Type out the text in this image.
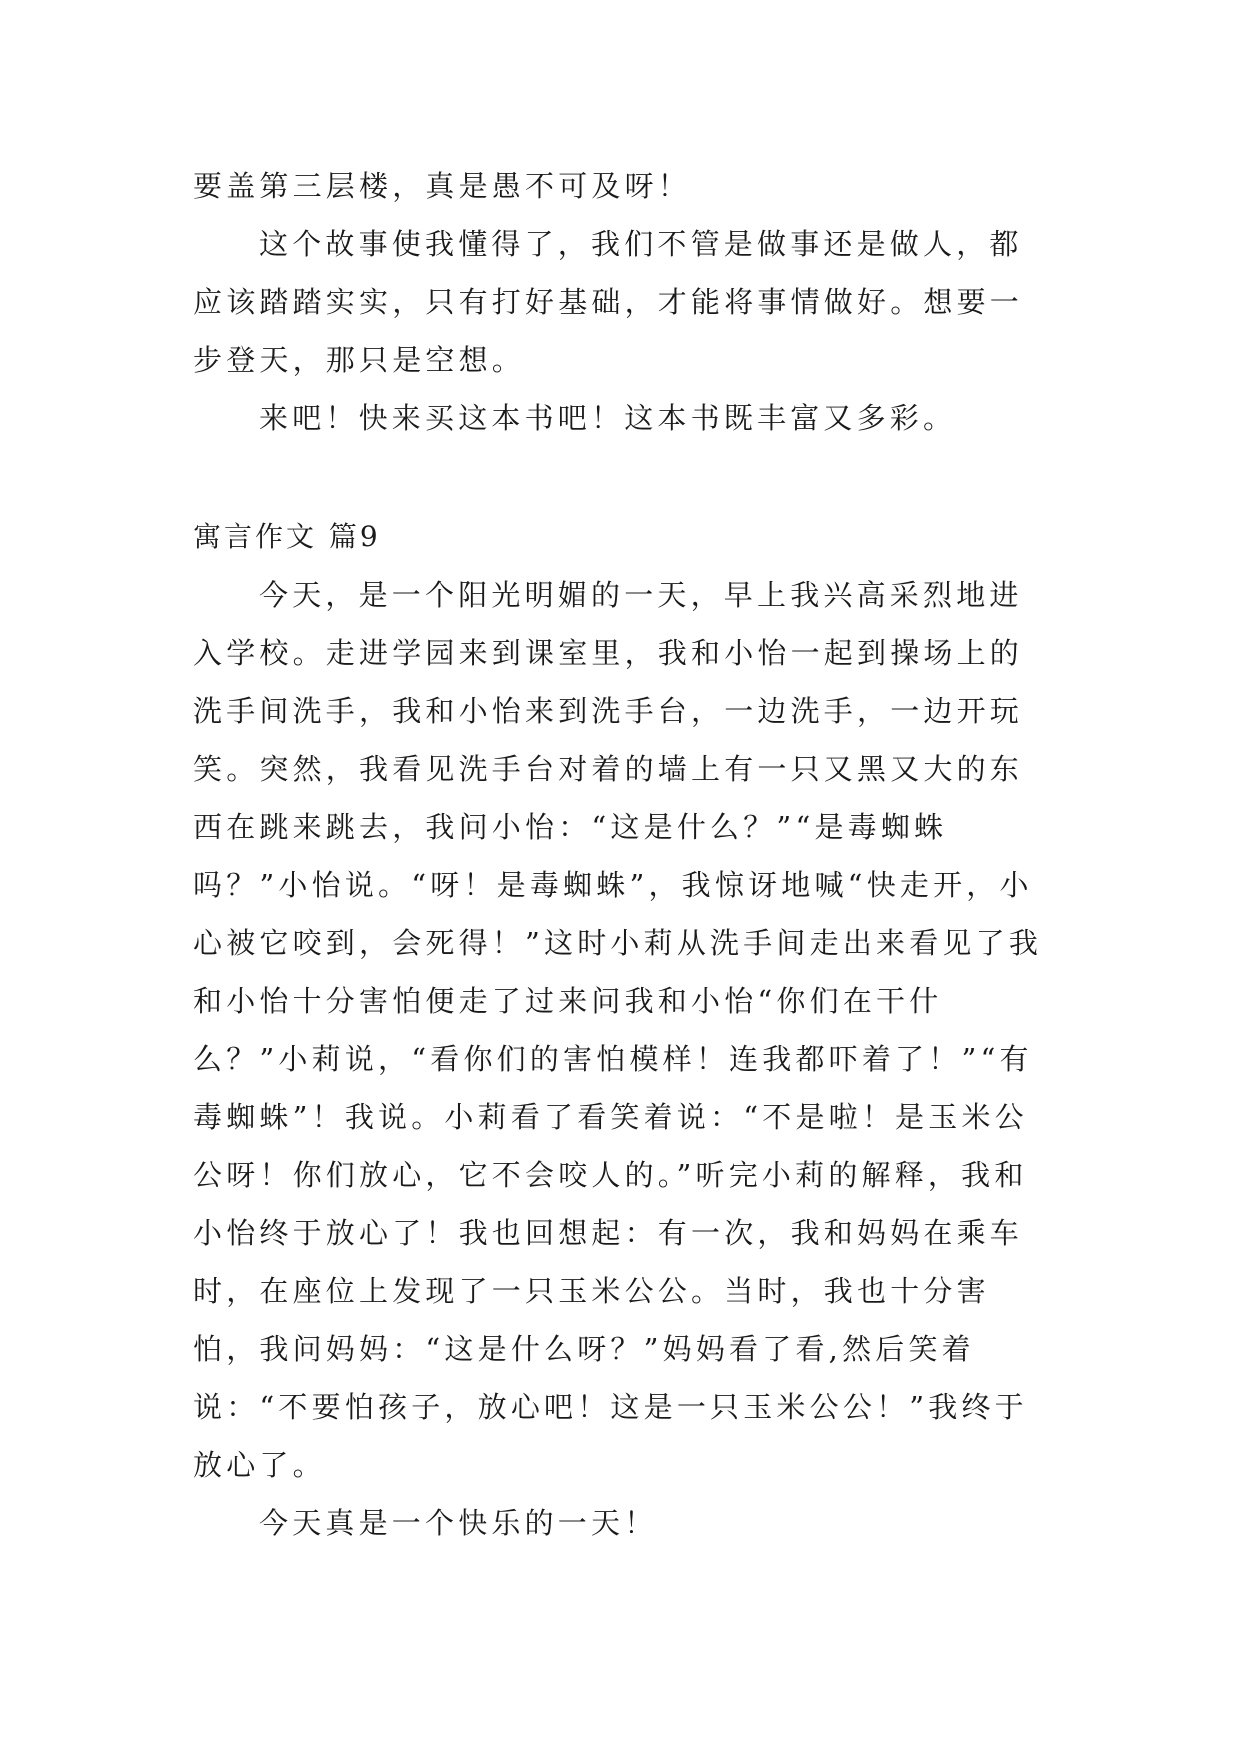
要盖第三层楼，真是愚不可及呀！

这个故事使我懂得了，我们不管是做事还是做人，都应该踏踏实实，只有打好基础，才能将事情做好。想要一步登天，那只是空想。

来吧！快来买这本书吧！这本书既丰富又多彩。

寓言作文 篇9

今天，是一个阳光明媚的一天，早上我兴高采烈地进入学校。走进学园来到课室里，我和小怡一起到操场上的洗手间洗手，我和小怡来到洗手台，一边洗手，一边开玩笑。突然，我看见洗手台对着的墙上有一只又黑又大的东西在跳来跳去，我问小怡：“这是什么？”“是毒蜘蛛吗？”小怡说。“呀！是毒蜘蛛”，我惊讶地喊“快走开，小心被它咬到，会死得！”这时小莉从洗手间走出来看见了我和小怡十分害怕便走了过来问我和小怡“你们在干什么？”小莉说，“看你们的害怕模样！连我都吓着了！”“有毒蜘蛛”！我说。小莉看了看笑着说：“不是啦！是玉米公公呀！你们放心，它不会咬人的。”听完小莉的解释，我和小怡终于放心了！我也回想起：有一次，我和妈妈在乘车时，在座位上发现了一只玉米公公。当时，我也十分害怕，我问妈妈：“这是什么呀？”妈妈看了看,然后笑着说：“不要怕孩子，放心吧！这是一只玉米公公！”我终于放心了。

今天真是一个快乐的一天！
